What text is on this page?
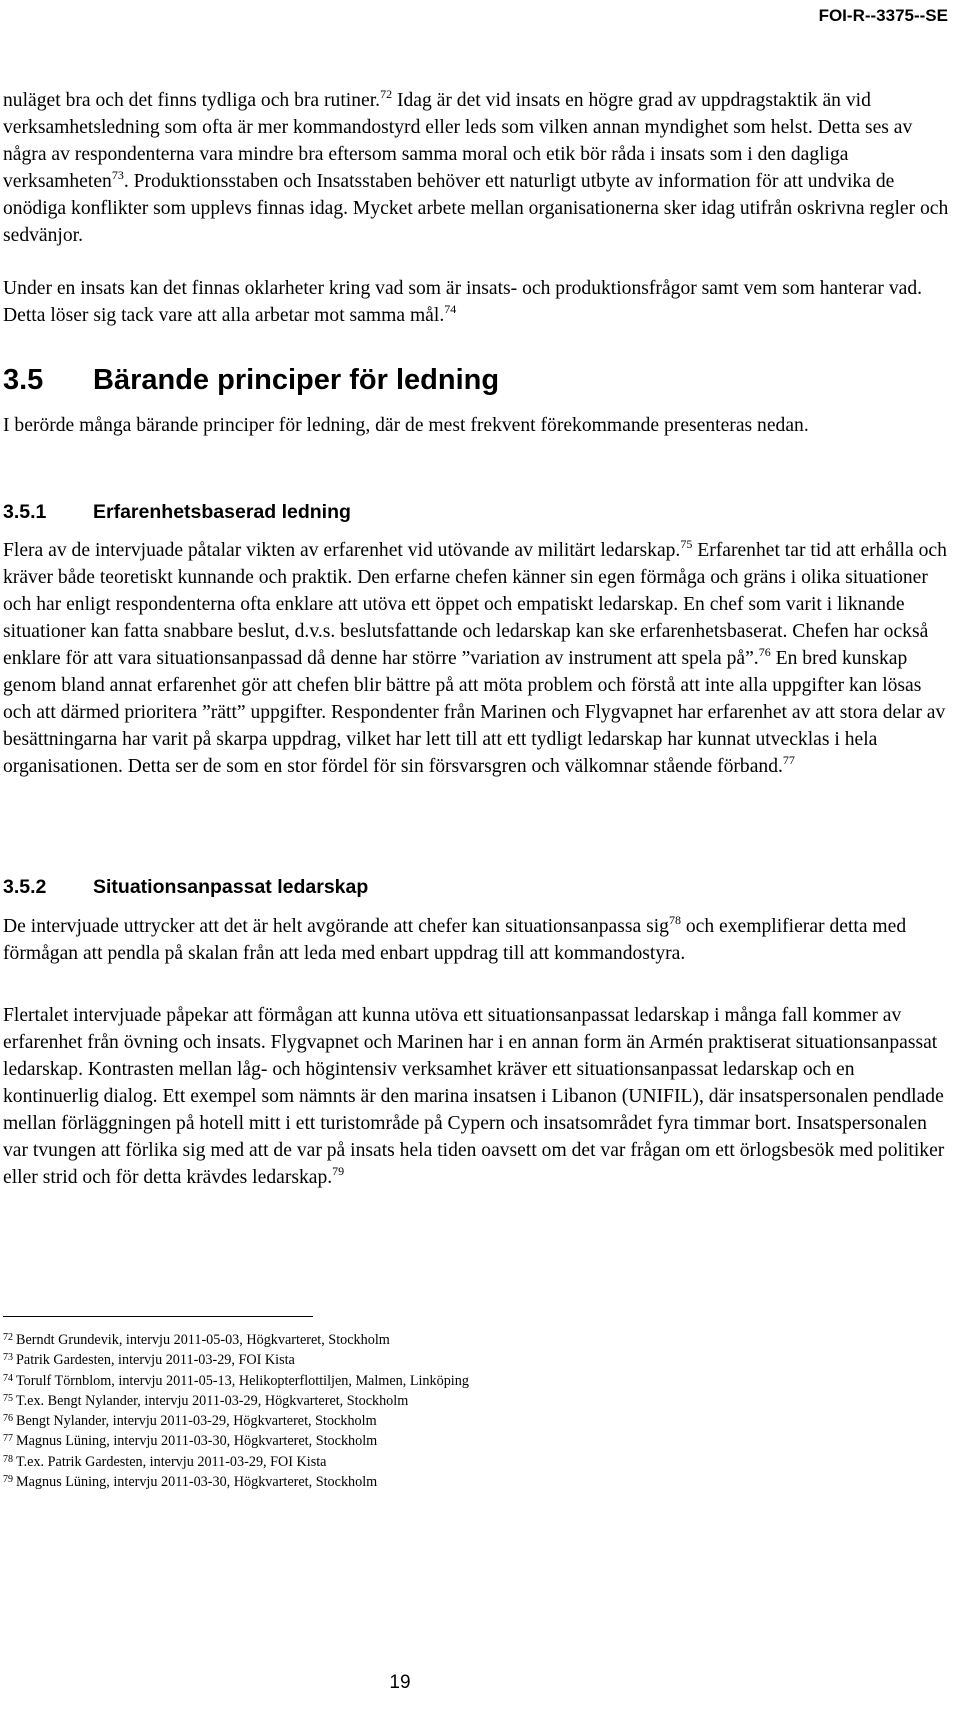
FOI-R--3375--SE

nuläget bra och det finns tydliga och bra rutiner.$^{72}$ Idag är det vid insats en högre grad av uppdragstaktik än vid verksamhetsledning som ofta är mer kommandostyrd eller leds som vilken annan myndighet som helst. Detta ses av några av respondenterna vara mindre bra eftersom samma moral och etik bör råda i insats som i den dagliga verksamheten$^{73}$. Produktionsstaben och Insatsstaben behöver ett naturligt utbyte av information för att undvika de onödiga konflikter som upplevs finnas idag. Mycket arbete mellan organisationerna sker idag utifrån oskrivna regler och sedvänjor.

Under en insats kan det finnas oklarheter kring vad som är insats- och produktionsfrågor samt vem som hanterar vad. Detta löser sig tack vare att alla arbetar mot samma mål.$^{74}$

3.5 Bärande principer för ledning

I berörde många bärande principer för ledning, där de mest frekvent förekommande presenteras nedan.

3.5.1 Erfarenhetsbaserad ledning

Flera av de intervjuade påtalar vikten av erfarenhet vid utövande av militärt ledarskap.$^{75}$ Erfarenhet tar tid att erhålla och kräver både teoretiskt kunnande och praktik. Den erfarne chefen känner sin egen förmåga och gräns i olika situationer och har enligt respondenterna ofta enklare att utöva ett öppet och empatiskt ledarskap. En chef som varit i liknande situationer kan fatta snabbare beslut, d.v.s. beslutsfattande och ledarskap kan ske erfarenhetsbaserat. Chefen har också enklare för att vara situationsanpassad då denne har större ”variation av instrument att spela på”.$^{76}$ En bred kunskap genom bland annat erfarenhet gör att chefen blir bättre på att möta problem och förstå att inte alla uppgifter kan lösas och att därmed prioritera ”rätt” uppgifter. Respondenter från Marinen och Flygvapnet har erfarenhet av att stora delar av besättningarna har varit på skarpa uppdrag, vilket har lett till att ett tydligt ledarskap har kunnat utvecklas i hela organisationen. Detta ser de som en stor fördel för sin försvarsgren och välkomnar stående förband.$^{77}$

3.5.2 Situationsanpassat ledarskap

De intervjuade uttrycker att det är helt avgörande att chefer kan situationsanpassa sig$^{78}$ och exemplifierar detta med förmågan att pendla på skalan från att leda med enbart uppdrag till att kommandostyra.

Flertalet intervjuade påpekar att förmågan att kunna utöva ett situationsanpassat ledarskap i många fall kommer av erfarenhet från övning och insats. Flygvapnet och Marinen har i en annan form än Armén praktiserat situationsanpassat ledarskap. Kontrasten mellan låg- och högintensiv verksamhet kräver ett situationsanpassat ledarskap och en kontinuerlig dialog. Ett exempel som nämnts är den marina insatsen i Libanon (UNIFIL), där insatspersonalen pendlade mellan förläggningen på hotell mitt i ett turistområde på Cypern och insatsområdet fyra timmar bort. Insatspersonalen var tvungen att förlika sig med att de var på insats hela tiden oavsett om det var frågan om ett örlogsbesök med politiker eller strid och för detta krävdes ledarskap.$^{79}$

$^{72}$ Berndt Grundevik, intervju 2011-05-03, Högkvarteret, Stockholm
$^{73}$ Patrik Gardesten, intervju 2011-03-29, FOI Kista
$^{74}$ Torulf Törnblom, intervju 2011-05-13, Helikopterflottiljen, Malmen, Linköping
$^{75}$ T.ex. Bengt Nylander, intervju 2011-03-29, Högkvarteret, Stockholm
$^{76}$ Bengt Nylander, intervju 2011-03-29, Högkvarteret, Stockholm
$^{77}$ Magnus Lüning, intervju 2011-03-30, Högkvarteret, Stockholm
$^{78}$ T.ex. Patrik Gardesten, intervju 2011-03-29, FOI Kista
$^{79}$ Magnus Lüning, intervju 2011-03-30, Högkvarteret, Stockholm
19
